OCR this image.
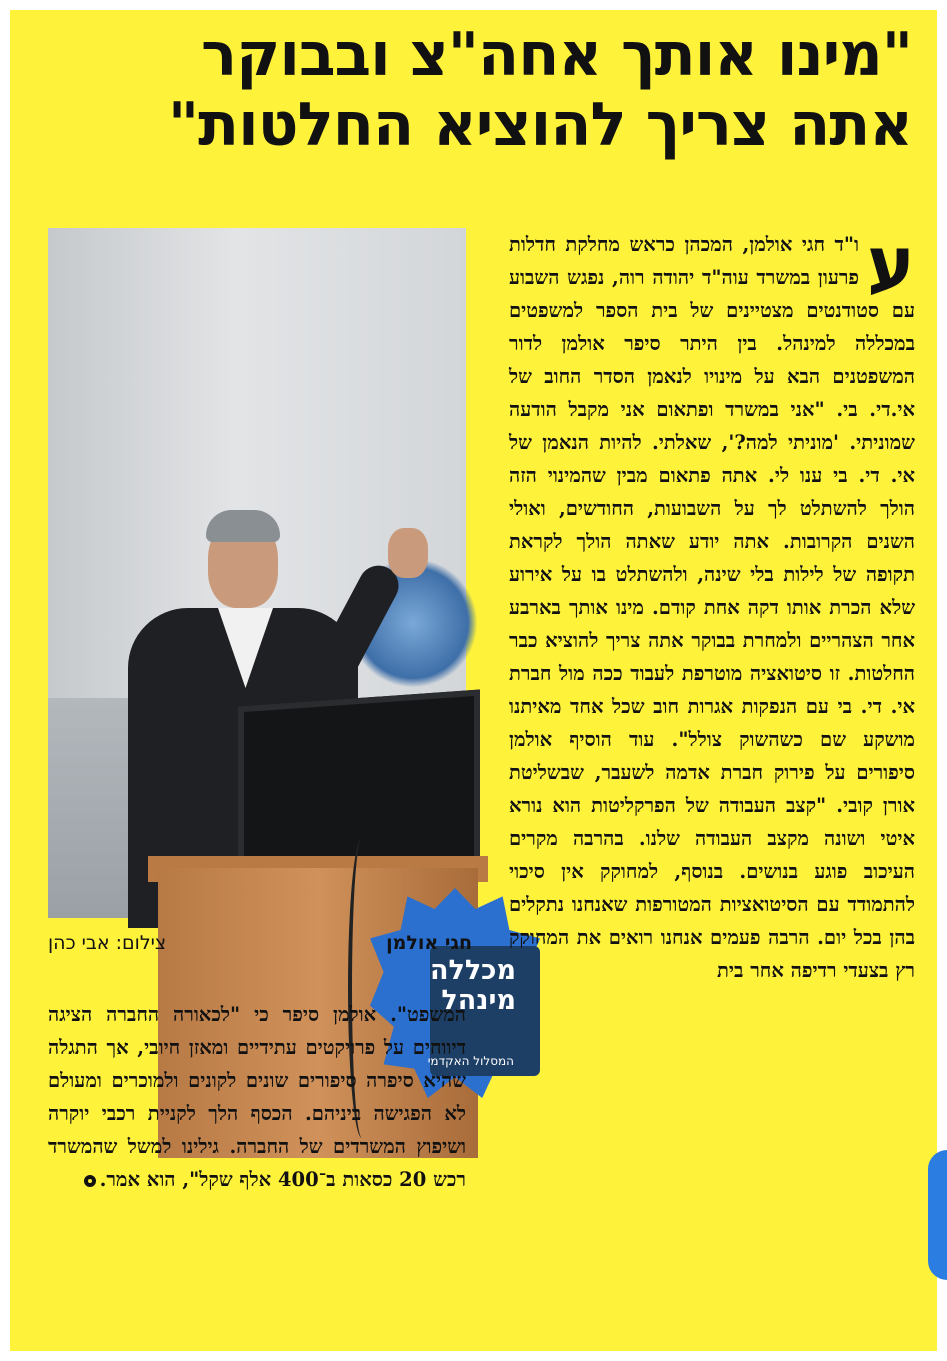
"מינו אותך אחה"צ ובבוקר
אתה צריך להוציא החלטות"
מכללה
מינהל
המסלול האקדמי
חגי אולמן
צילום: אבי כהן
ע

ו"ד חגי אולמן, המכהן כראש מחלקת חדלות פרעון במשרד עוה"ד יהודה רוה, נפגש השבוע עם סטודנטים מצטיינים של בית הספר למשפטים במכללה למינהל. בין היתר סיפר אולמן לדור המשפטנים הבא על מינויו לנאמן הסדר החוב של אי.די. בי. "אני במשרד ופתאום אני מקבל הודעה שמוניתי. 'מוניתי למה?', שאלתי. להיות הנאמן של אי. די. בי ענו לי. אתה פתאום מבין שהמינוי הזה הולך להשתלט לך על השבועות, החודשים, ואולי השנים הקרובות. אתה יודע שאתה הולך לקראת תקופה של לילות בלי שינה, ולהשתלט בו על אירוע שלא הכרת אותו דקה אחת קודם. מינו אותך בארבע אחר הצהריים ולמחרת בבוקר אתה צריך להוציא כבר החלטות. זו סיטואציה מוטרפת לעבוד ככה מול חברת אי. די. בי עם הנפקות אגרות חוב שכל אחד מאיתנו מושקע שם כשהשוק צולל". עוד הוסיף אולמן סיפורים על פירוק חברת אדמה לשעבר, שבשליטת אורן קובי. "קצב העבודה של הפרקליטות הוא נורא איטי ושונה מקצב העבודה שלנו. בהרבה מקרים העיכוב פוגע בנושים. בנוסף, למחוקק אין סיכוי להתמודד עם הסיטואציות המטורפות שאנחנו נתקלים בהן בכל יום. הרבה פעמים אנחנו רואים את המחוקק רץ בצעדי רדיפה אחר בית

המשפט". אולמן סיפר כי "לכאורה החברה הציגה דיווחים על פרויקטים עתידיים ומאזן חיובי, אך התגלה שהיא סיפרה סיפורים שונים לקונים ולמוכרים ומעולם לא הפגישה ביניהם. הכסף הלך לקניית רכבי יוקרה ושיפוץ המשרדים של החברה. גילינו למשל שהמשרד רכש 20 כסאות ב־400 אלף שקל", הוא אמר.
